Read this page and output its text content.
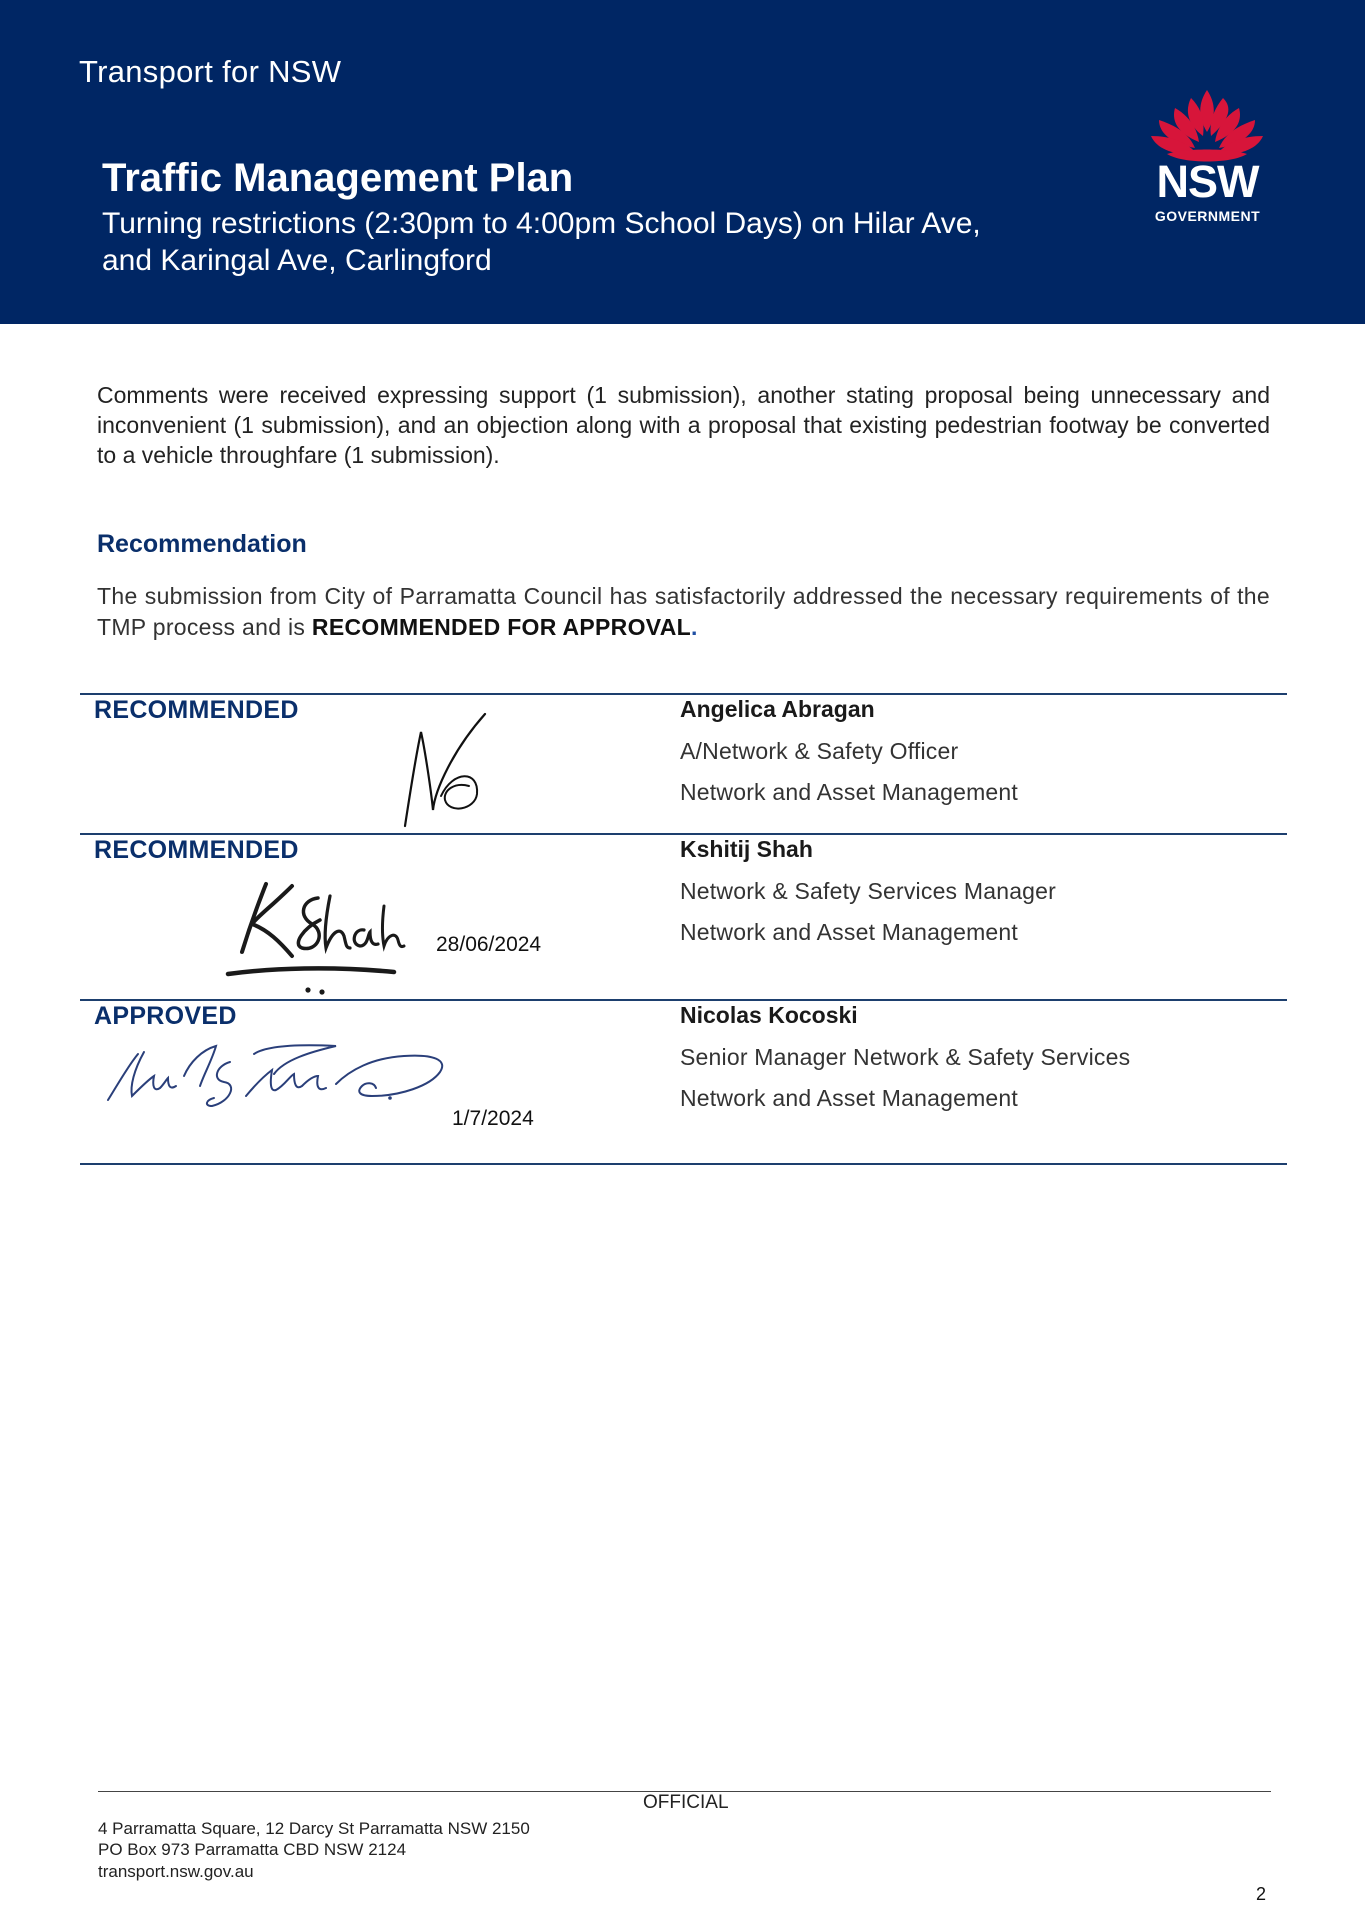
Transport for NSW
Traffic Management Plan
Turning restrictions (2:30pm to 4:00pm School Days) on Hilar Ave,
and Karingal Ave, Carlingford
NSW
GOVERNMENT

Comments were received expressing support (1 submission), another stating proposal being unnecessary and inconvenient (1 submission), and an objection along with a proposal that existing pedestrian footway be converted to a vehicle throughfare (1 submission).

Recommendation

The submission from City of Parramatta Council has satisfactorily addressed the necessary requirements of the TMP process and is RECOMMENDED FOR APPROVAL.

RECOMMENDED	Angelica Abragan
A/Network & Safety Officer
Network and Asset Management
RECOMMENDED
28/06/2024
Kshitij Shah
Network & Safety Services Manager
Network and Asset Management
APPROVED
1/7/2024
Nicolas Kocoski
Senior Manager Network & Safety Services
Network and Asset Management
OFFICIAL
4 Parramatta Square, 12 Darcy St Parramatta NSW 2150
PO Box 973 Parramatta CBD NSW 2124
transport.nsw.gov.au
2
